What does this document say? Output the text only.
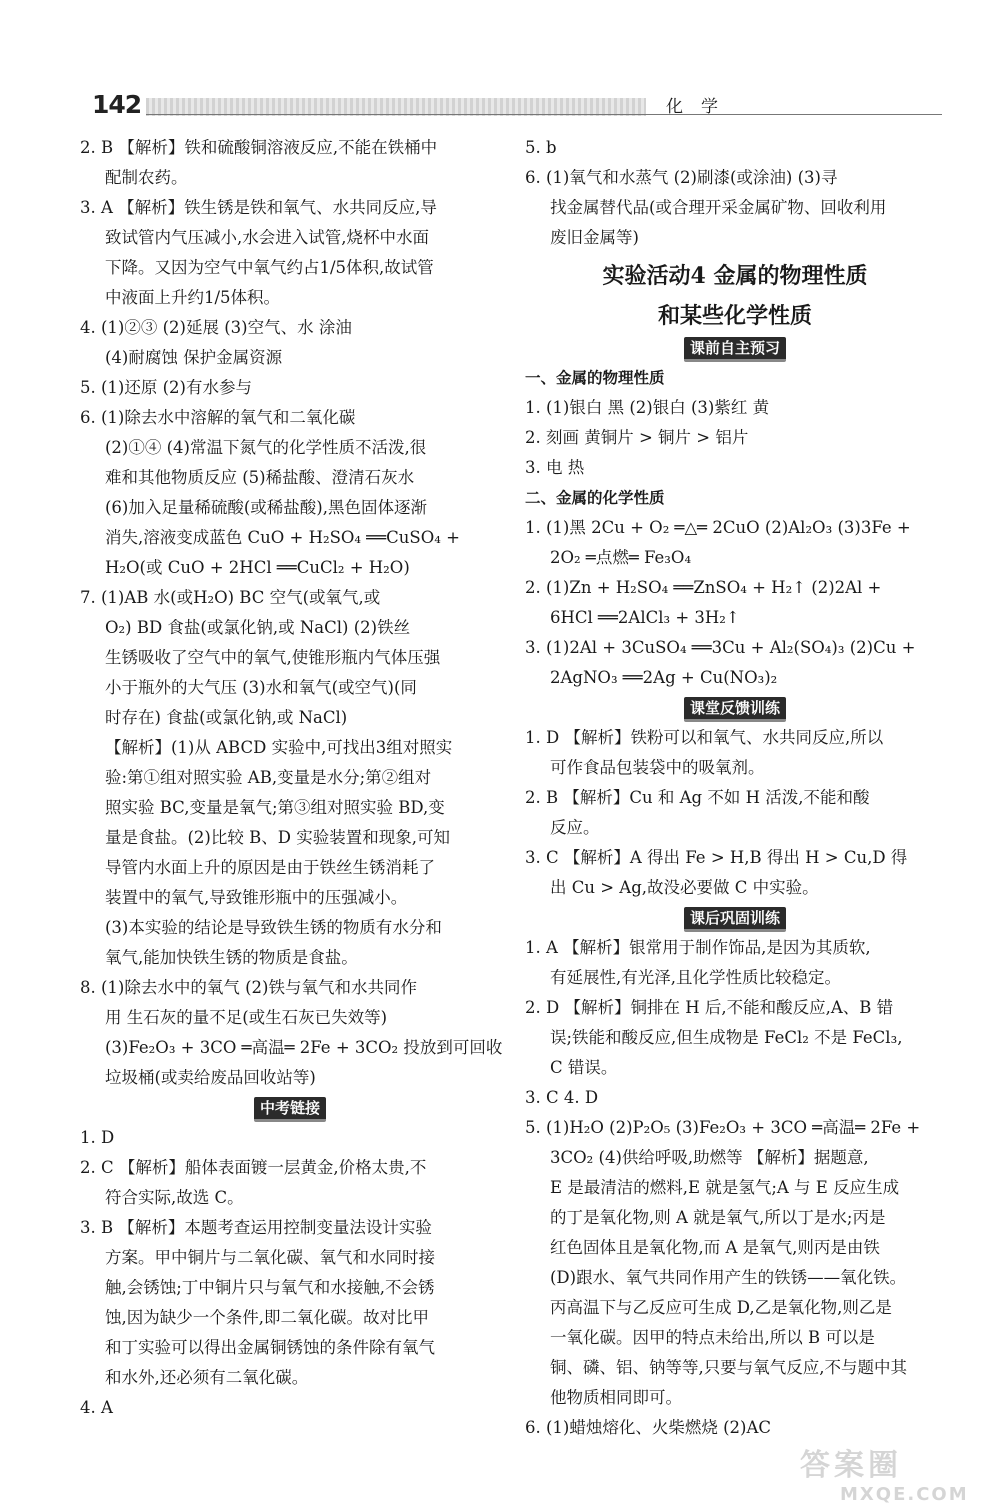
142	化学
2. B 【解析】铁和硫酸铜溶液反应,不能在铁桶中
配制农药。
3. A 【解析】铁生锈是铁和氧气、水共同反应,导
致试管内气压减小,水会进入试管,烧杯中水面
下降。又因为空气中氧气约占1/5体积,故试管
中液面上升约1/5体积。
4. (1)②③ (2)延展 (3)空气、水 涂油
(4)耐腐蚀 保护金属资源
5. (1)还原 (2)有水参与
6. (1)除去水中溶解的氧气和二氧化碳
(2)①④ (4)常温下氮气的化学性质不活泼,很
难和其他物质反应 (5)稀盐酸、澄清石灰水
(6)加入足量稀硫酸(或稀盐酸),黑色固体逐渐
消失,溶液变成蓝色 CuO + H₂SO₄ ══CuSO₄ +
H₂O(或 CuO + 2HCl ══CuCl₂ + H₂O)
7. (1)AB 水(或H₂O) BC 空气(或氧气,或
O₂) BD 食盐(或氯化钠,或 NaCl) (2)铁丝
生锈吸收了空气中的氧气,使锥形瓶内气体压强
小于瓶外的大气压 (3)水和氧气(或空气)(同
时存在) 食盐(或氯化钠,或 NaCl)
【解析】(1)从 ABCD 实验中,可找出3组对照实
验:第①组对照实验 AB,变量是水分;第②组对
照实验 BC,变量是氧气;第③组对照实验 BD,变
量是食盐。(2)比较 B、D 实验装置和现象,可知
导管内水面上升的原因是由于铁丝生锈消耗了
装置中的氧气,导致锥形瓶中的压强减小。
(3)本实验的结论是导致铁生锈的物质有水分和
氧气,能加快铁生锈的物质是食盐。
8. (1)除去水中的氧气 (2)铁与氧气和水共同作
用 生石灰的量不足(或生石灰已失效等)
(3)Fe₂O₃ + 3CO ═高温═ 2Fe + 3CO₂ 投放到可回收
垃圾桶(或卖给废品回收站等)
中考链接
1. D
2. C 【解析】船体表面镀一层黄金,价格太贵,不
符合实际,故选 C。
3. B 【解析】本题考查运用控制变量法设计实验
方案。甲中铜片与二氧化碳、氧气和水同时接
触,会锈蚀;丁中铜片只与氧气和水接触,不会锈
蚀,因为缺少一个条件,即二氧化碳。故对比甲
和丁实验可以得出金属铜锈蚀的条件除有氧气
和水外,还必须有二氧化碳。
4. A
5. b
6. (1)氧气和水蒸气 (2)刷漆(或涂油) (3)寻
找金属替代品(或合理开采金属矿物、回收利用
废旧金属等)
实验活动4 金属的物理性质
和某些化学性质
课前自主预习
一、金属的物理性质
1. (1)银白 黑 (2)银白 (3)紫红 黄
2. 刻画 黄铜片 > 铜片 > 铝片
3. 电 热
二、金属的化学性质
1. (1)黑 2Cu + O₂ ═△═ 2CuO (2)Al₂O₃ (3)3Fe +
2O₂ ═点燃═ Fe₃O₄
2. (1)Zn + H₂SO₄ ══ZnSO₄ + H₂↑ (2)2Al +
6HCl ══2AlCl₃ + 3H₂↑
3. (1)2Al + 3CuSO₄ ══3Cu + Al₂(SO₄)₃ (2)Cu +
2AgNO₃ ══2Ag + Cu(NO₃)₂
课堂反馈训练
1. D 【解析】铁粉可以和氧气、水共同反应,所以
可作食品包装袋中的吸氧剂。
2. B 【解析】Cu 和 Ag 不如 H 活泼,不能和酸
反应。
3. C 【解析】A 得出 Fe > H,B 得出 H > Cu,D 得
出 Cu > Ag,故没必要做 C 中实验。
课后巩固训练
1. A 【解析】银常用于制作饰品,是因为其质软,
有延展性,有光泽,且化学性质比较稳定。
2. D 【解析】铜排在 H 后,不能和酸反应,A、B 错
误;铁能和酸反应,但生成物是 FeCl₂ 不是 FeCl₃,
C 错误。
3. C 4. D
5. (1)H₂O (2)P₂O₅ (3)Fe₂O₃ + 3CO ═高温═ 2Fe +
3CO₂ (4)供给呼吸,助燃等 【解析】据题意,
E 是最清洁的燃料,E 就是氢气;A 与 E 反应生成
的丁是氧化物,则 A 就是氧气,所以丁是水;丙是
红色固体且是氧化物,而 A 是氧气,则丙是由铁
(D)跟水、氧气共同作用产生的铁锈——氧化铁。
丙高温下与乙反应可生成 D,乙是氧化物,则乙是
一氧化碳。因甲的特点未给出,所以 B 可以是
铜、磷、铝、钠等等,只要与氧气反应,不与题中其
他物质相同即可。
6. (1)蜡烛熔化、火柴燃烧 (2)AC
答案圈
MXQE.COM
